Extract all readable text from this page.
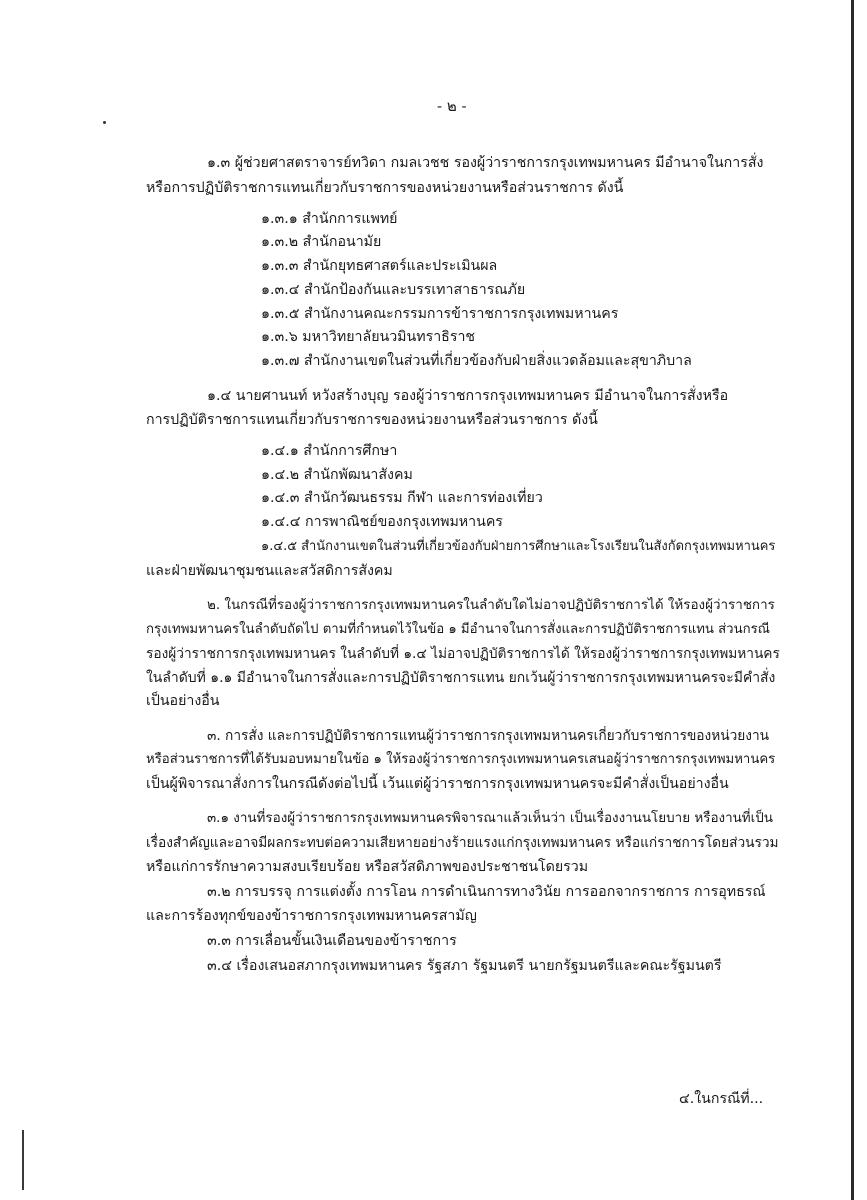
- ๒ -
๑.๓ ผู้ช่วยศาสตราจารย์ทวิดา กมลเวชช รองผู้ว่าราชการกรุงเทพมหานคร มีอำนาจในการสั่ง
หรือการปฏิบัติราชการแทนเกี่ยวกับราชการของหน่วยงานหรือส่วนราชการ ดังนี้
๑.๓.๑ สำนักการแพทย์
๑.๓.๒ สำนักอนามัย
๑.๓.๓ สำนักยุทธศาสตร์และประเมินผล
๑.๓.๔ สำนักป้องกันและบรรเทาสาธารณภัย
๑.๓.๕ สำนักงานคณะกรรมการข้าราชการกรุงเทพมหานคร
๑.๓.๖ มหาวิทยาลัยนวมินทราธิราช
๑.๓.๗ สำนักงานเขตในส่วนที่เกี่ยวข้องกับฝ่ายสิ่งแวดล้อมและสุขาภิบาล
๑.๔ นายศานนท์ หวังสร้างบุญ รองผู้ว่าราชการกรุงเทพมหานคร มีอำนาจในการสั่งหรือ
การปฏิบัติราชการแทนเกี่ยวกับราชการของหน่วยงานหรือส่วนราชการ ดังนี้
๑.๔.๑ สำนักการศึกษา
๑.๔.๒ สำนักพัฒนาสังคม
๑.๔.๓ สำนักวัฒนธรรม กีฬา และการท่องเที่ยว
๑.๔.๔ การพาณิชย์ของกรุงเทพมหานคร
๑.๔.๕ สำนักงานเขตในส่วนที่เกี่ยวข้องกับฝ่ายการศึกษาและโรงเรียนในสังกัดกรุงเทพมหานคร
และฝ่ายพัฒนาชุมชนและสวัสดิการสังคม
๒. ในกรณีที่รองผู้ว่าราชการกรุงเทพมหานครในลำดับใดไม่อาจปฏิบัติราชการได้ ให้รองผู้ว่าราชการ
กรุงเทพมหานครในลำดับถัดไป ตามที่กำหนดไว้ในข้อ ๑ มีอำนาจในการสั่งและการปฏิบัติราชการแทน ส่วนกรณี
รองผู้ว่าราชการกรุงเทพมหานคร ในลำดับที่ ๑.๔ ไม่อาจปฏิบัติราชการได้ ให้รองผู้ว่าราชการกรุงเทพมหานคร
ในลำดับที่ ๑.๑ มีอำนาจในการสั่งและการปฏิบัติราชการแทน ยกเว้นผู้ว่าราชการกรุงเทพมหานครจะมีคำสั่ง
เป็นอย่างอื่น
๓. การสั่ง และการปฏิบัติราชการแทนผู้ว่าราชการกรุงเทพมหานครเกี่ยวกับราชการของหน่วยงาน
หรือส่วนราชการที่ได้รับมอบหมายในข้อ ๑ ให้รองผู้ว่าราชการกรุงเทพมหานครเสนอผู้ว่าราชการกรุงเทพมหานคร
เป็นผู้พิจารณาสั่งการในกรณีดังต่อไปนี้ เว้นแต่ผู้ว่าราชการกรุงเทพมหานครจะมีคำสั่งเป็นอย่างอื่น
๓.๑ งานที่รองผู้ว่าราชการกรุงเทพมหานครพิจารณาแล้วเห็นว่า เป็นเรื่องงานนโยบาย หรืองานที่เป็น
เรื่องสำคัญและอาจมีผลกระทบต่อความเสียหายอย่างร้ายแรงแก่กรุงเทพมหานคร หรือแก่ราชการโดยส่วนรวม
หรือแก่การรักษาความสงบเรียบร้อย หรือสวัสดิภาพของประชาชนโดยรวม
๓.๒ การบรรจุ การแต่งตั้ง การโอน การดำเนินการทางวินัย การออกจากราชการ การอุทธรณ์
และการร้องทุกข์ของข้าราชการกรุงเทพมหานครสามัญ
๓.๓ การเลื่อนขั้นเงินเดือนของข้าราชการ
๓.๔ เรื่องเสนอสภากรุงเทพมหานคร รัฐสภา รัฐมนตรี นายกรัฐมนตรีและคณะรัฐมนตรี
๔.ในกรณีที่...
